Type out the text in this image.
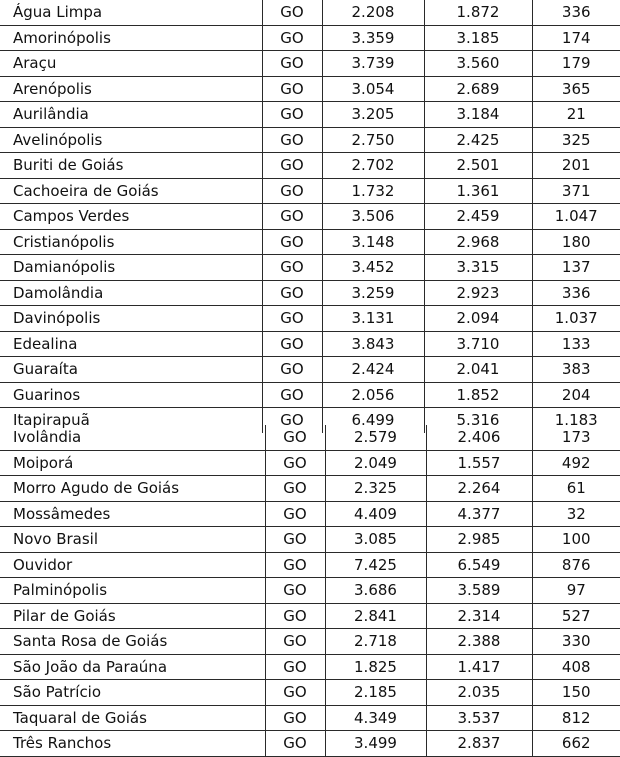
Água Limpa	GO	2.208	1.872	336
Amorinópolis	GO	3.359	3.185	174
Araçu	GO	3.739	3.560	179
Arenópolis	GO	3.054	2.689	365
Aurilândia	GO	3.205	3.184	21
Avelinópolis	GO	2.750	2.425	325
Buriti de Goiás	GO	2.702	2.501	201
Cachoeira de Goiás	GO	1.732	1.361	371
Campos Verdes	GO	3.506	2.459	1.047
Cristianópolis	GO	3.148	2.968	180
Damianópolis	GO	3.452	3.315	137
Damolândia	GO	3.259	2.923	336
Davinópolis	GO	3.131	2.094	1.037
Edealina	GO	3.843	3.710	133
Guaraíta	GO	2.424	2.041	383
Guarinos	GO	2.056	1.852	204
Itapirapuã	GO	6.499	5.316	1.183
Ivolândia	GO	2.579	2.406	173
Moiporá	GO	2.049	1.557	492
Morro Agudo de Goiás	GO	2.325	2.264	61
Mossâmedes	GO	4.409	4.377	32
Novo Brasil	GO	3.085	2.985	100
Ouvidor	GO	7.425	6.549	876
Palminópolis	GO	3.686	3.589	97
Pilar de Goiás	GO	2.841	2.314	527
Santa Rosa de Goiás	GO	2.718	2.388	330
São João da Paraúna	GO	1.825	1.417	408
São Patrício	GO	2.185	2.035	150
Taquaral de Goiás	GO	4.349	3.537	812
Três Ranchos	GO	3.499	2.837	662
